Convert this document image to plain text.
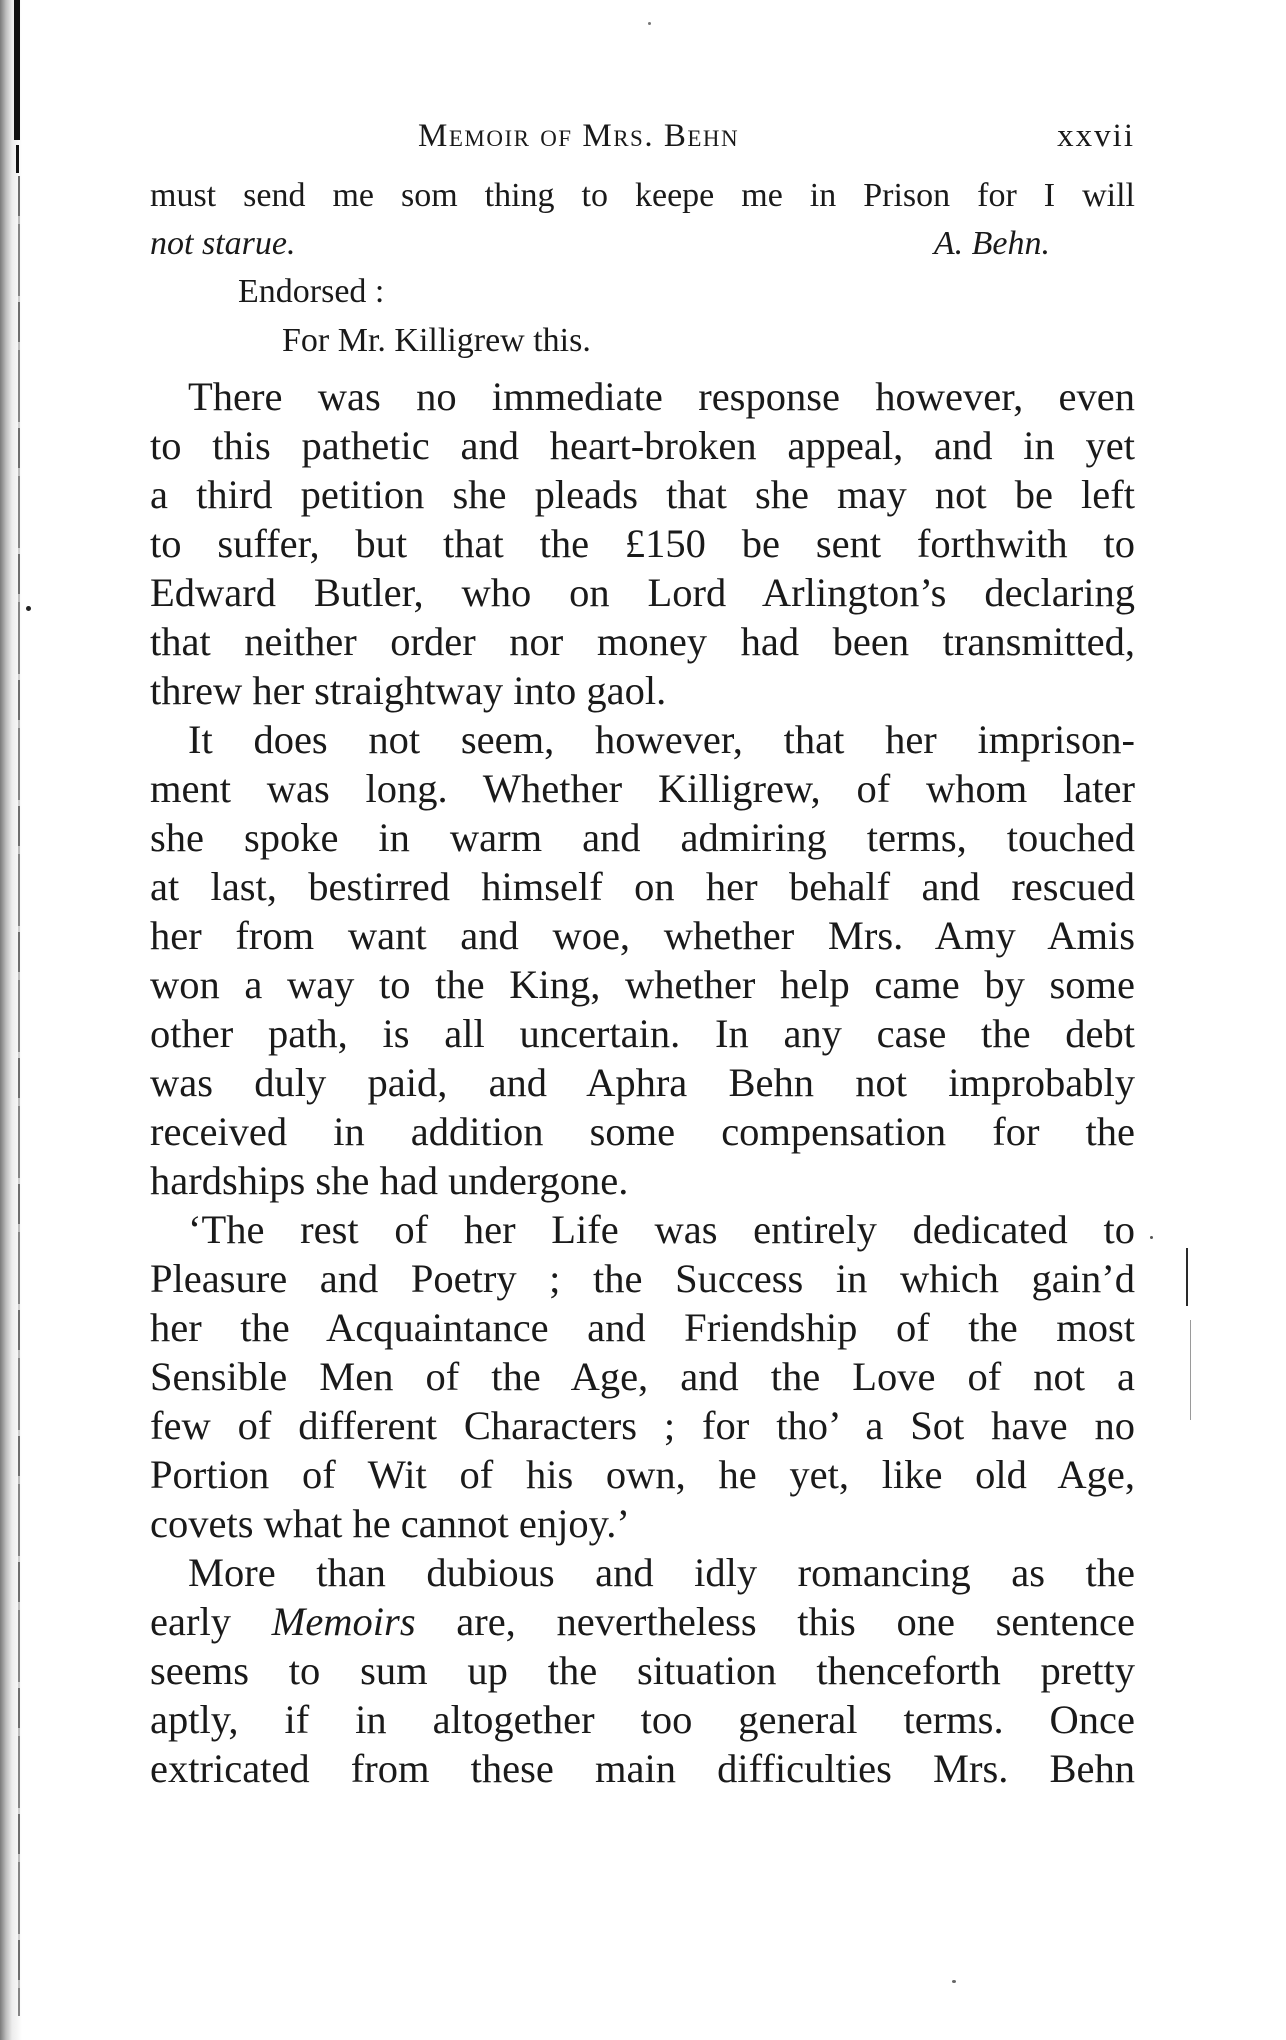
Memoir of Mrs. Behn	xxvii
must send me som thing to keepe me in Prison for I will
not starue.	A. Behn.
Endorsed :
For Mr. Killigrew this.
There was no immediate response however, even
to this pathetic and heart-broken appeal, and in yet
a third petition she pleads that she may not be left
to suffer, but that the £150 be sent forthwith to
Edward Butler, who on Lord Arlington’s declaring
that neither order nor money had been transmitted,
threw her straightway into gaol.
It does not seem, however, that her imprison-
ment was long. Whether Killigrew, of whom later
she spoke in warm and admiring terms, touched
at last, bestirred himself on her behalf and rescued
her from want and woe, whether Mrs. Amy Amis
won a way to the King, whether help came by some
other path, is all uncertain. In any case the debt
was duly paid, and Aphra Behn not improbably
received in addition some compensation for the
hardships she had undergone.
‘The rest of her Life was entirely dedicated to
Pleasure and Poetry ; the Success in which gain’d
her the Acquaintance and Friendship of the most
Sensible Men of the Age, and the Love of not a
few of different Characters ; for tho’ a Sot have no
Portion of Wit of his own, he yet, like old Age,
covets what he cannot enjoy.’
More than dubious and idly romancing as the
early Memoirs are, nevertheless this one sentence
seems to sum up the situation thenceforth pretty
aptly, if in altogether too general terms. Once
extricated from these main difficulties Mrs. Behn
